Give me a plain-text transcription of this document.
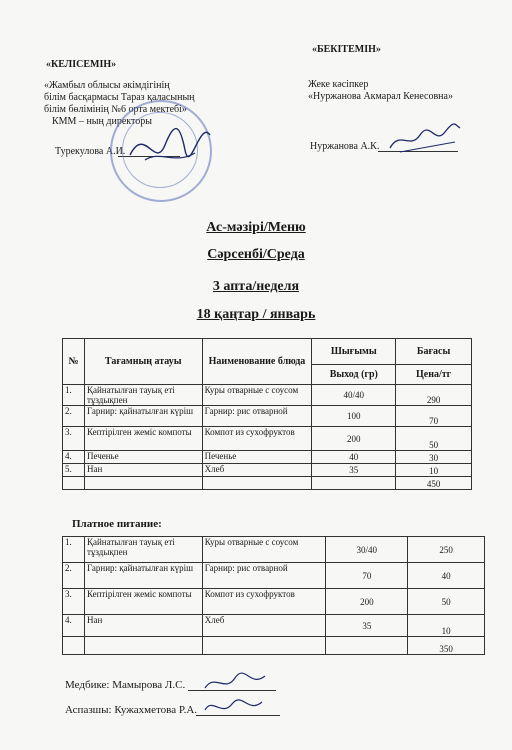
«КЕЛІСЕМІН»
«Жамбыл облысы әкімдігінің
білім басқармасы Тараз қаласының
білім бөлімінің №6 орта мектебі»
КММ – ның директоры
Турекулова А.И.
«БЕКІТЕМІН»
Жеке кәсіпкер
«Нуржанова Акмарал Кенесовна»
Нуржанова А.К.
Ас-мәзірі/Меню
Сәрсенбі/Среда
3 апта/неделя
18 қаңтар / январь
№	Тағамның атауы	Наименование блюда	Шығымы	Бағасы
			Выход (гр)	Цена/тг
1.	Қайнатылған тауық еті тұздықпен	Куры отварные с соусом	40/40	290
2.	Гарнир: қайнатылған күріш	Гарнир: рис отварной	100	70
3.	Кептірілген жеміс компоты	Компот из сухофруктов	200	50
4.	Печенье	Печенье	40	30
5.	Нан	Хлеб	35	10
				450
Платное питание:
1.	Қайнатылған тауық еті тұздықпен	Куры отварные с соусом	30/40	250
2.	Гарнир: қайнатылған күріш	Гарнир: рис отварной	70	40
3.	Кептірілген жеміс компоты	Компот из сухофруктов	200	50
4.	Нан	Хлеб	35	10
				350
Медбике: Мамырова Л.С.
Аспазшы: Кужахметова Р.А.
